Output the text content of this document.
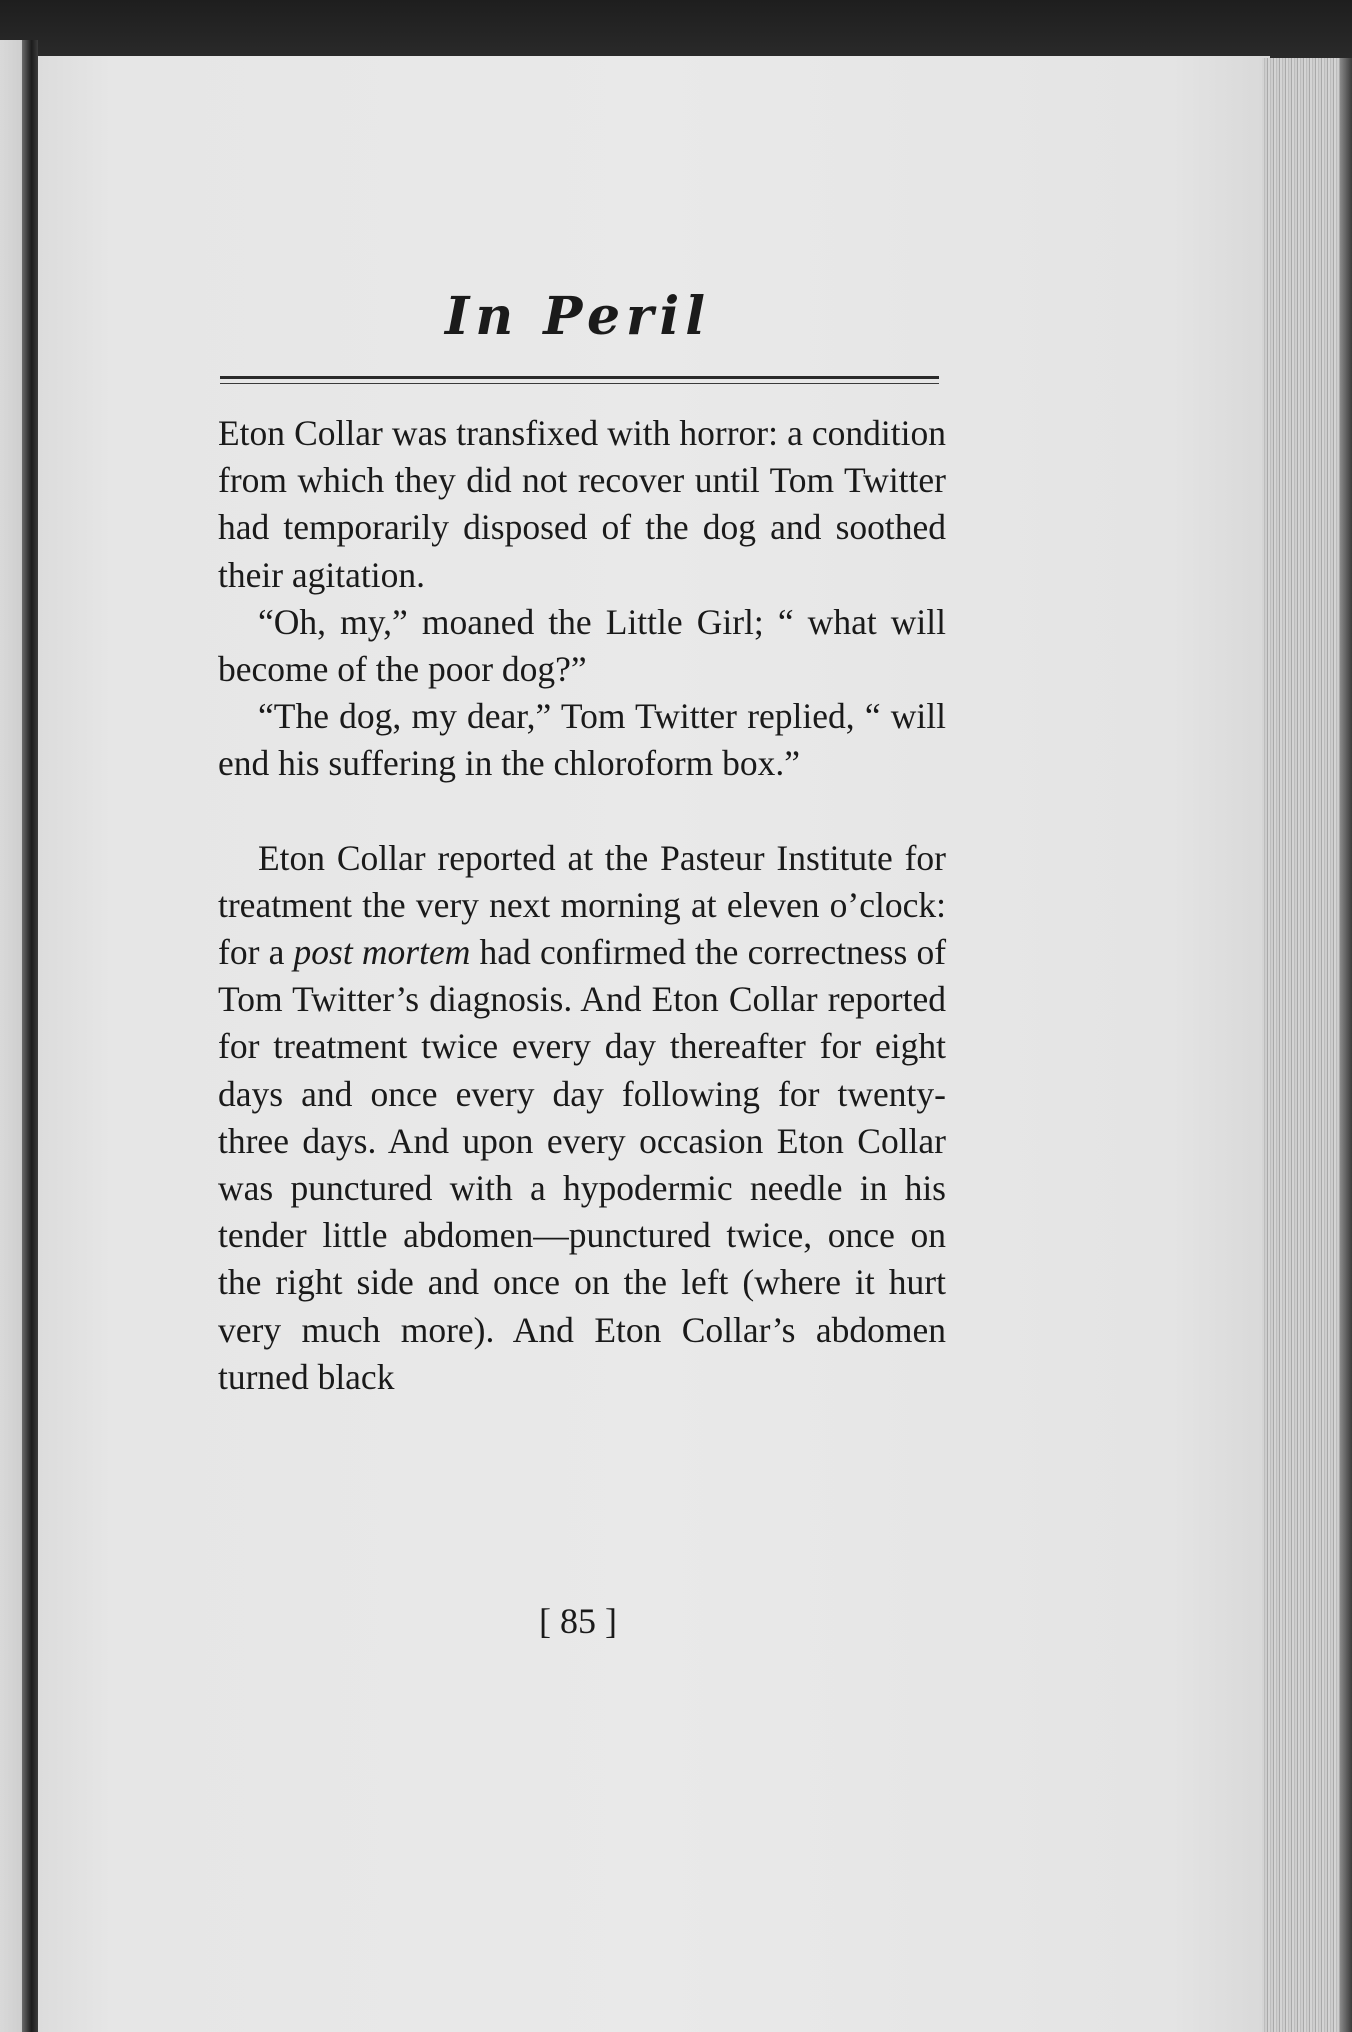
In Peril

Eton Collar was transfixed with horror: a condition from which they did not recover until Tom Twitter had temporarily disposed of the dog and soothed their agitation.

“Oh, my,” moaned the Little Girl; “ what will become of the poor dog?”

“The dog, my dear,” Tom Twitter replied, “ will end his suffering in the chloroform box.”

Eton Collar reported at the Pasteur Institute for treatment the very next morning at eleven o’clock: for a post mortem had confirmed the correctness of Tom Twitter’s diagnosis. And Eton Collar reported for treatment twice every day thereafter for eight days and once every day following for twenty-three days. And upon every occasion Eton Collar was punctured with a hypodermic needle in his tender little abdomen—punctured twice, once on the right side and once on the left (where it hurt very much more). And Eton Collar’s abdomen turned black

[ 85 ]
